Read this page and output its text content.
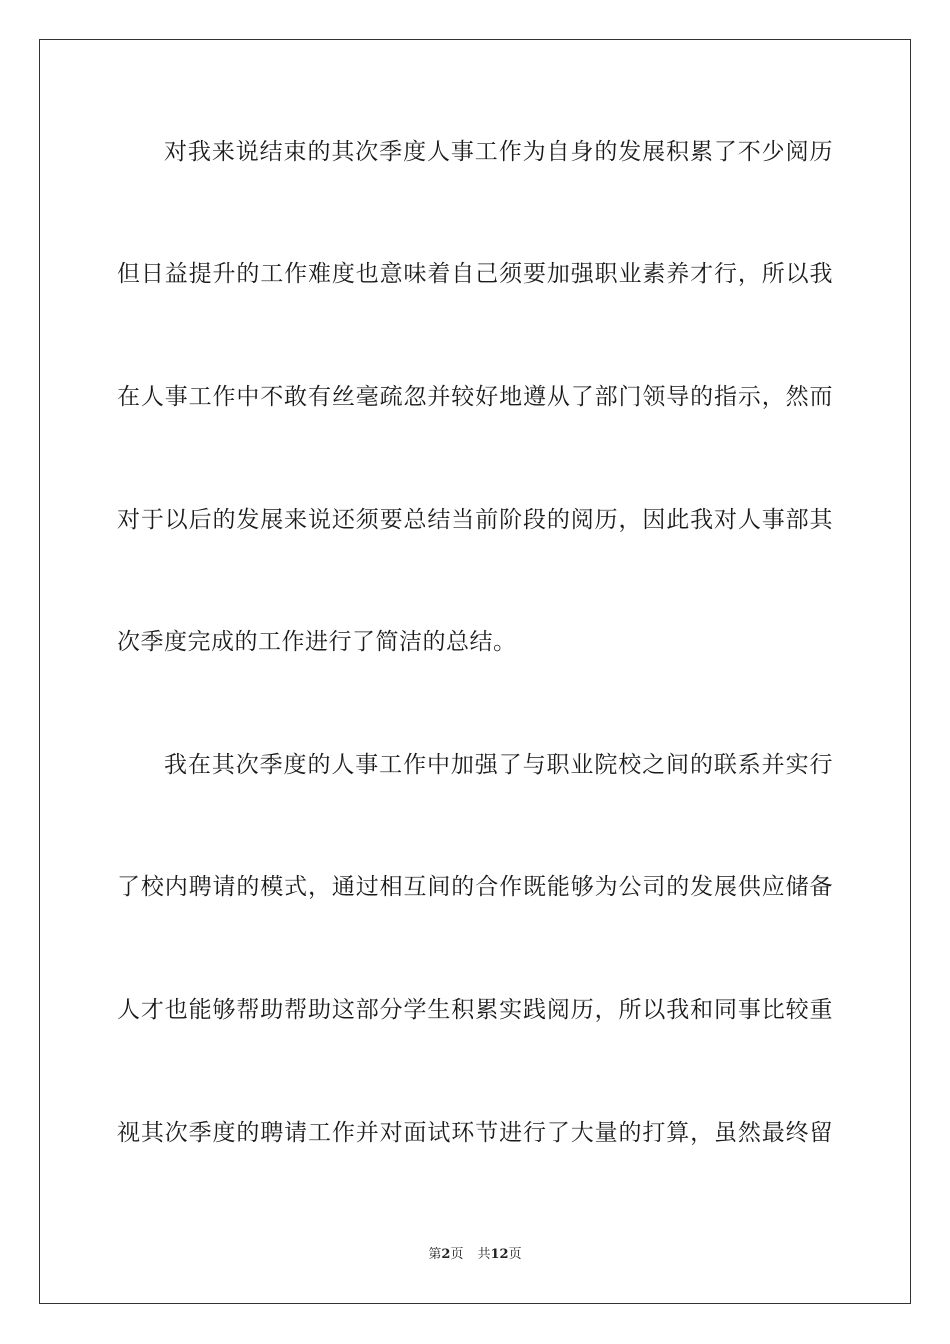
对我来说结束的其次季度人事工作为自身的发展积累了不少阅历
但日益提升的工作难度也意味着自己须要加强职业素养才行，所以我
在人事工作中不敢有丝毫疏忽并较好地遵从了部门领导的指示，然而
对于以后的发展来说还须要总结当前阶段的阅历，因此我对人事部其
次季度完成的工作进行了简洁的总结。
我在其次季度的人事工作中加强了与职业院校之间的联系并实行
了校内聘请的模式，通过相互间的合作既能够为公司的发展供应储备
人才也能够帮助帮助这部分学生积累实践阅历，所以我和同事比较重
视其次季度的聘请工作并对面试环节进行了大量的打算，虽然最终留
第2页 共12页
